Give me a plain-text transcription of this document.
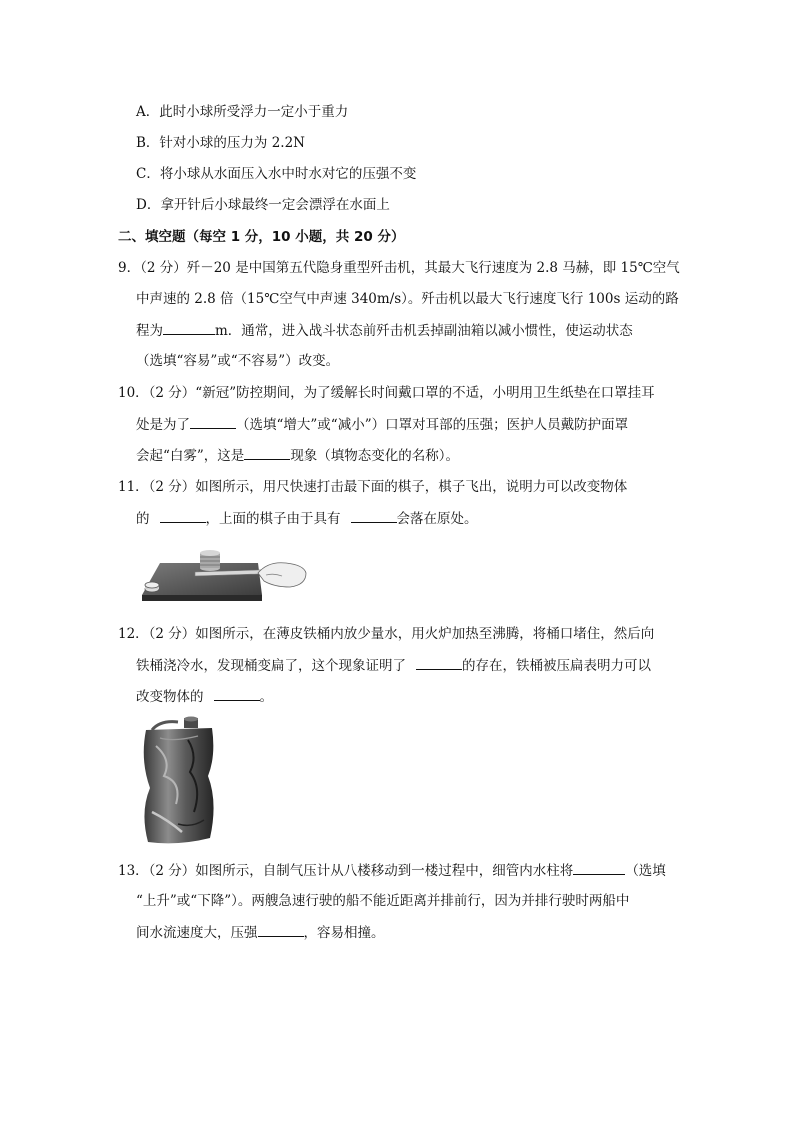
A．此时小球所受浮力一定小于重力
B．针对小球的压力为 2.2N
C．将小球从水面压入水中时水对它的压强不变
D．拿开针后小球最终一定会漂浮在水面上
二、填空题（每空 1 分，10 小题，共 20 分）
9．（2 分）歼－20 是中国第五代隐身重型歼击机，其最大飞行速度为 2.8 马赫，即 15℃空气
中声速的 2.8 倍（15℃空气中声速 340m/s）。歼击机以最大飞行速度飞行 100s 运动的路
程为	m．通常，进入战斗状态前歼击机丢掉副油箱以减小惯性，使运动状态
（选填“容易”或“不容易”）改变。
10．（2 分）“新冠”防控期间，为了缓解长时间戴口罩的不适，小明用卫生纸垫在口罩挂耳
处是为了	（选填“增大”或“减小”）口罩对耳部的压强；医护人员戴防护面罩
会起“白雾”，这是	现象（填物态变化的名称）。
11．（2 分）如图所示，用尺快速打击最下面的棋子，棋子飞出，说明力可以改变物体
的	，上面的棋子由于具有	会落在原处。
12．（2 分）如图所示，在薄皮铁桶内放少量水，用火炉加热至沸腾，将桶口堵住，然后向
铁桶浇冷水，发现桶变扁了，这个现象证明了	的存在，铁桶被压扁表明力可以
改变物体的	。
13．（2 分）如图所示，自制气压计从八楼移动到一楼过程中，细管内水柱将	（选填
“上升”或“下降”）。两艘急速行驶的船不能近距离并排前行，因为并排行驶时两船中
间水流速度大，压强	，容易相撞。
